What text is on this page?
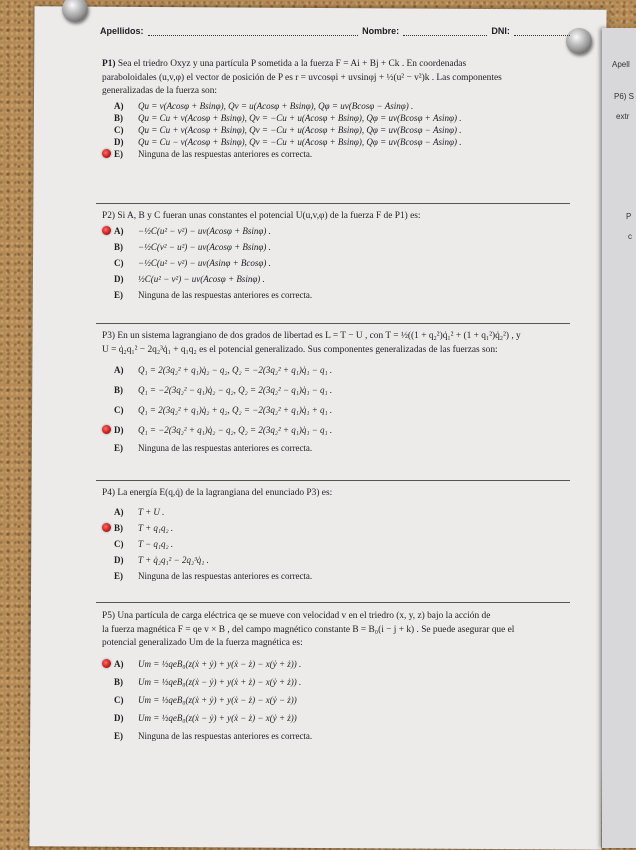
Apell
P6) S
extr
P
c
Apellidos:	Nombre:	DNI:

P1) Sea el triedro Oxyz y una partícula P sometida a la fuerza F = Ai + Bj + Ck . En coordenadas

paraboloidales (u,v,φ) el vector de posición de P es r = uvcosφi + uvsinφj + ½(u² − v²)k . Las componentes

generalizadas de la fuerza son:

A)	Qu = v(Acosφ + Bsinφ), Qv = u(Acosφ + Bsinφ), Qφ = uv(Bcosφ − Asinφ) .
B)	Qu = Cu + v(Acosφ + Bsinφ), Qv = −Cu + u(Acosφ + Bsinφ), Qφ = uv(Bcosφ + Asinφ) .
C)	Qu = Cu + v(Acosφ + Bsinφ), Qv = −Cu + u(Acosφ + Bsinφ), Qφ = uv(Bcosφ − Asinφ) .
D)	Qu = Cu − v(Acosφ + Bsinφ), Qv = −Cu + u(Acosφ + Bsinφ), Qφ = uv(Bcosφ − Asinφ) .
E)	Ninguna de las respuestas anteriores es correcta.

P2) Si A, B y C fueran unas constantes el potencial U(u,v,φ) de la fuerza F de P1) es:

A)	−½C(u² − v²) − uv(Acosφ + Bsinφ) .
B)	−½C(v² − u²) − uv(Acosφ + Bsinφ) .
C)	−½C(u² − v²) − uv(Asinφ + Bcosφ) .
D)	½C(u² − v²) − uv(Acosφ + Bsinφ) .
E)	Ninguna de las respuestas anteriores es correcta.

P3) En un sistema lagrangiano de dos grados de libertad es L = T − U , con T = ½((1 + q₂²)q̇₁² + (1 + q₁²)q̇₂²) , y

U = q̇₂q₁² − 2q₂³q̇₁ + q₁q₂ es el potencial generalizado. Sus componentes generalizadas de las fuerzas son:

A)	Q₁ = 2(3q₂² + q₁)q̇₂ − q₂, Q₂ = −2(3q₂² + q₁)q̇₁ − q₁ .
B)	Q₁ = −2(3q₂² − q₁)q̇₂ − q₂, Q₂ = 2(3q₂² − q₁)q̇₁ − q₁ .
C)	Q₁ = 2(3q₂² + q₁)q̇₂ + q₂, Q₂ = −2(3q₂² + q₁)q̇₁ + q₁ .
D)	Q₁ = −2(3q₂² + q₁)q̇₂ − q₂, Q₂ = 2(3q₂² + q₁)q̇₁ − q₁ .
E)	Ninguna de las respuestas anteriores es correcta.

P4) La energía E(q,q̇) de la lagrangiana del enunciado P3) es:

A)	T + U .
B)	T + q₁q₂ .
C)	T − q₁q₂ .
D)	T + q̇₂q₁² − 2q₂³q̇₁ .
E)	Ninguna de las respuestas anteriores es correcta.

P5) Una partícula de carga eléctrica qe se mueve con velocidad v en el triedro (x, y, z) bajo la acción de

la fuerza magnética F = qe v × B , del campo magnético constante B = B₀(i − j + k) . Se puede asegurar que el

potencial generalizado Um de la fuerza magnética es:

A)	Um = ½qeB₀(z(ẋ + ẏ) + y(ẋ − ż) − x(ẏ + ż)) .
B)	Um = ½qeB₀(z(ẋ − ẏ) + y(ẋ + ż) − x(ẏ + ż)) .
C)	Um = ½qeB₀(z(ẋ + ẏ) + y(ẋ − ż) − x(ẏ − ż))
D)	Um = ½qeB₀(z(ẋ − ẏ) + y(ẋ − ż) − x(ẏ + ż))
E)	Ninguna de las respuestas anteriores es correcta.
